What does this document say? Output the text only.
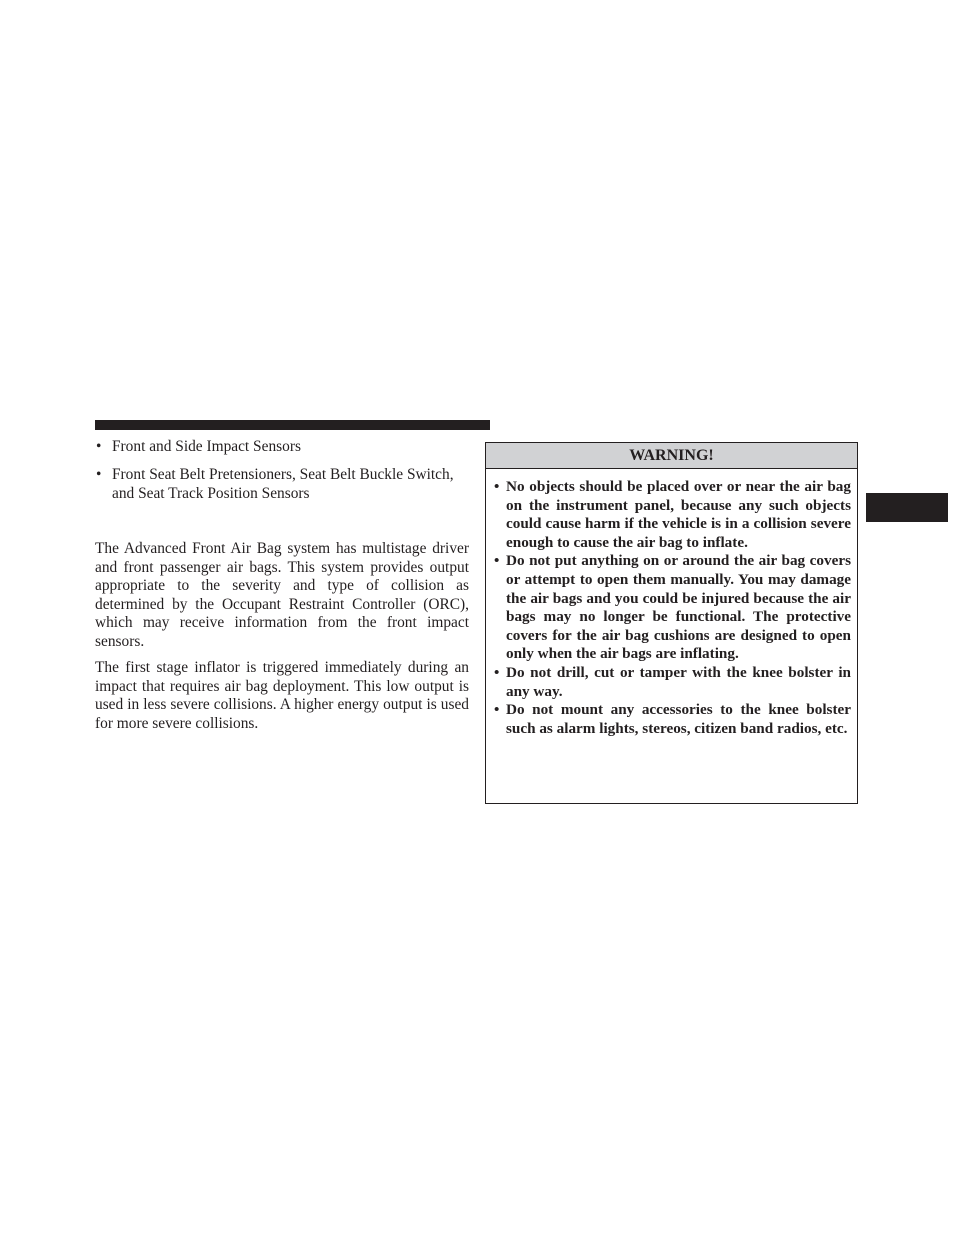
• Front and Side Impact Sensors
• Front Seat Belt Pretensioners, Seat Belt Buckle Switch, and Seat Track Position Sensors

The Advanced Front Air Bag system has multistage driver and front passenger air bags. This system provides output appropriate to the severity and type of collision as determined by the Occupant Restraint Controller (ORC), which may receive information from the front impact sensors.

The first stage inflator is triggered immediately during an impact that requires air bag deployment. This low output is used in less severe collisions. A higher energy output is used for more severe collisions.

WARNING!
• No objects should be placed over or near the air bag on the instrument panel, because any such objects could cause harm if the vehicle is in a collision severe enough to cause the air bag to inflate.
• Do not put anything on or around the air bag covers or attempt to open them manually. You may damage the air bags and you could be injured because the air bags may no longer be functional. The protective covers for the air bag cushions are designed to open only when the air bags are inflating.
• Do not drill, cut or tamper with the knee bolster in any way.
• Do not mount any accessories to the knee bolster such as alarm lights, stereos, citizen band radios, etc.
